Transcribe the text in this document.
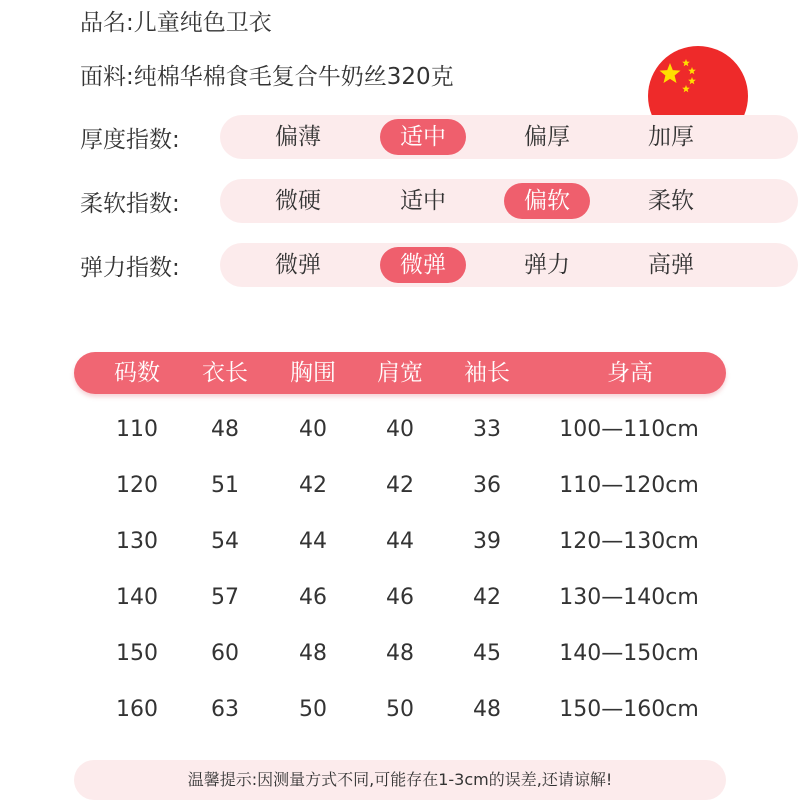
品名:儿童纯色卫衣
面料:纯棉华棉食毛复合牛奶丝320克
厚度指数:	偏薄	适中	偏厚	加厚
柔软指数:	微硬	适中	偏软	柔软
弹力指数:	微弹	微弹	弹力	高弹
码数	衣长	胸围	肩宽	袖长	身高
110	48	40	40	33	100—110cm
120	51	42	42	36	110—120cm
130	54	44	44	39	120—130cm
140	57	46	46	42	130—140cm
150	60	48	48	45	140—150cm
160	63	50	50	48	150—160cm
温馨提示:因测量方式不同,可能存在1-3cm的误差,还请谅解!
